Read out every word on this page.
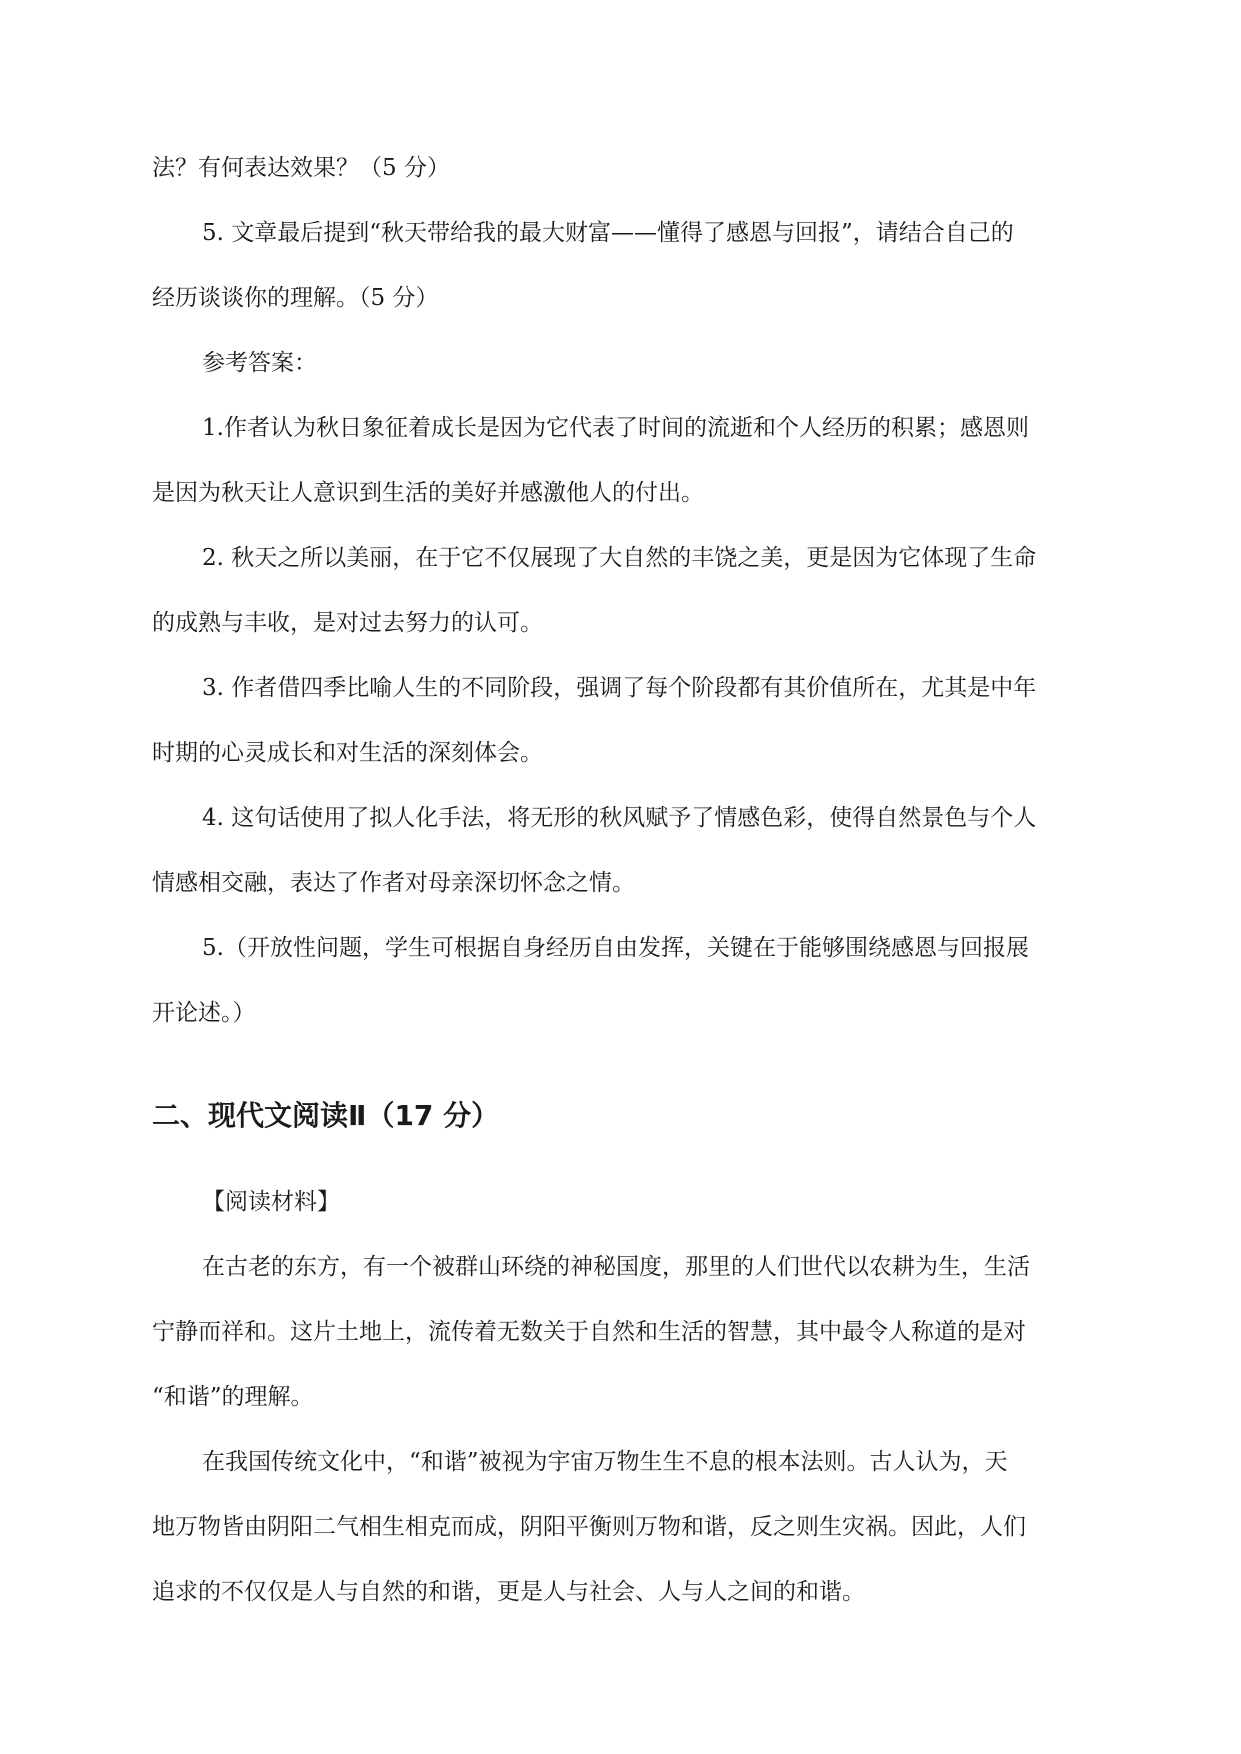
法？有何表达效果？（5 分）

5. 文章最后提到“秋天带给我的最大财富——懂得了感恩与回报”，请结合自己的

经历谈谈你的理解。（5 分）

参考答案：

1.作者认为秋日象征着成长是因为它代表了时间的流逝和个人经历的积累；感恩则

是因为秋天让人意识到生活的美好并感激他人的付出。

2. 秋天之所以美丽，在于它不仅展现了大自然的丰饶之美，更是因为它体现了生命

的成熟与丰收，是对过去努力的认可。

3. 作者借四季比喻人生的不同阶段，强调了每个阶段都有其价值所在，尤其是中年

时期的心灵成长和对生活的深刻体会。

4. 这句话使用了拟人化手法，将无形的秋风赋予了情感色彩，使得自然景色与个人

情感相交融，表达了作者对母亲深切怀念之情。

5.（开放性问题，学生可根据自身经历自由发挥，关键在于能够围绕感恩与回报展

开论述。）

二、现代文阅读Ⅱ（17 分）

【阅读材料】

在古老的东方，有一个被群山环绕的神秘国度，那里的人们世代以农耕为生，生活

宁静而祥和。这片土地上，流传着无数关于自然和生活的智慧，其中最令人称道的是对

“和谐”的理解。

在我国传统文化中，“和谐”被视为宇宙万物生生不息的根本法则。古人认为，天

地万物皆由阴阳二气相生相克而成，阴阳平衡则万物和谐，反之则生灾祸。因此，人们

追求的不仅仅是人与自然的和谐，更是人与社会、人与人之间的和谐。
